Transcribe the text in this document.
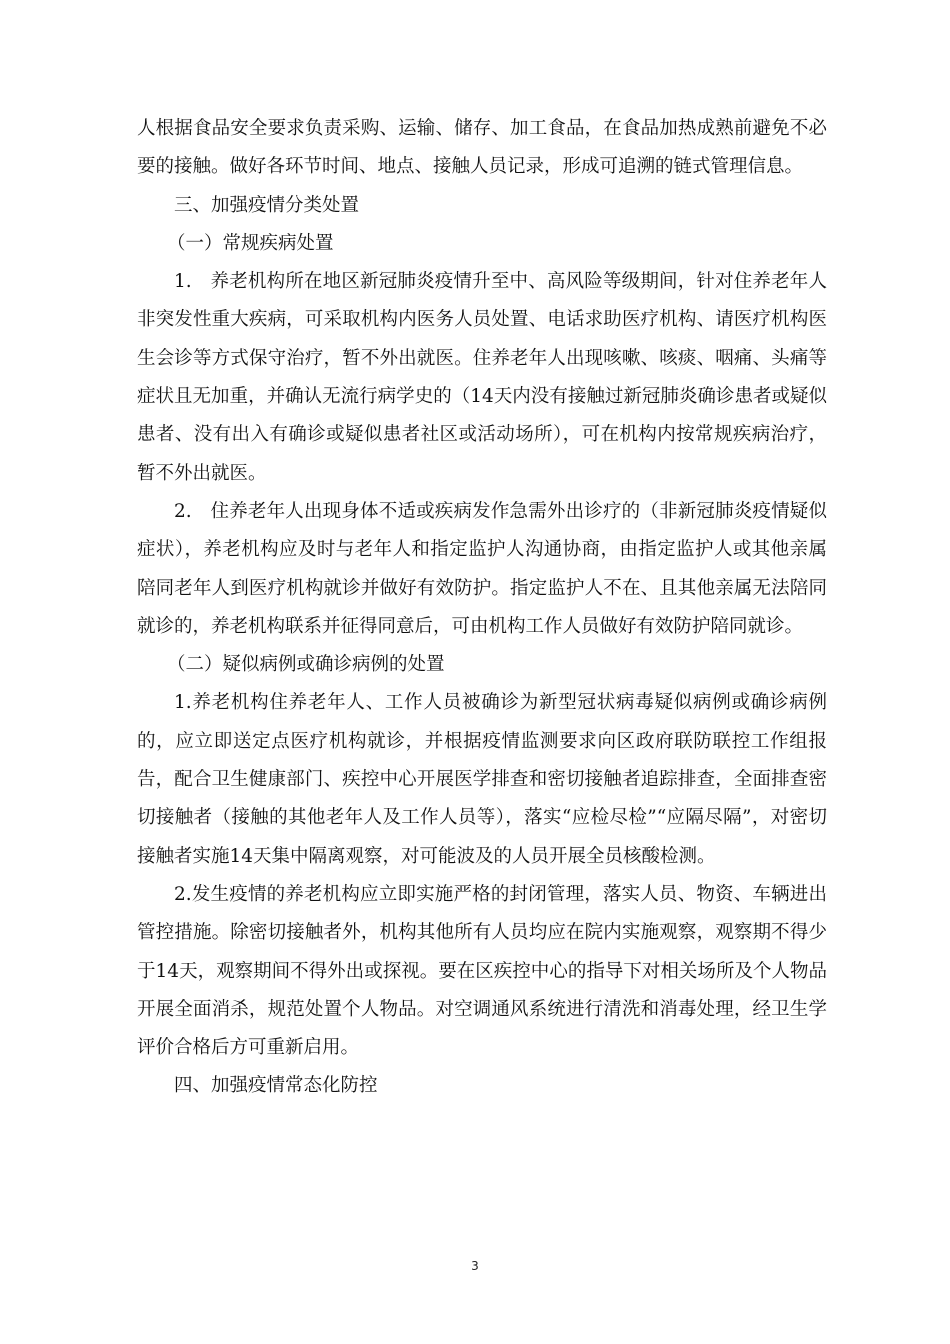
人根据食品安全要求负责采购、运输、储存、加工食品，在食品加热成熟前避免不必要的接触。做好各环节时间、地点、接触人员记录，形成可追溯的链式管理信息。

三、加强疫情分类处置

（一）常规疾病处置

1.　养老机构所在地区新冠肺炎疫情升至中、高风险等级期间，针对住养老年人非突发性重大疾病，可采取机构内医务人员处置、电话求助医疗机构、请医疗机构医生会诊等方式保守治疗，暂不外出就医。住养老年人出现咳嗽、咳痰、咽痛、头痛等症状且无加重，并确认无流行病学史的（14天内没有接触过新冠肺炎确诊患者或疑似患者、没有出入有确诊或疑似患者社区或活动场所），可在机构内按常规疾病治疗，暂不外出就医。

2.　住养老年人出现身体不适或疾病发作急需外出诊疗的（非新冠肺炎疫情疑似症状），养老机构应及时与老年人和指定监护人沟通协商，由指定监护人或其他亲属陪同老年人到医疗机构就诊并做好有效防护。指定监护人不在、且其他亲属无法陪同就诊的，养老机构联系并征得同意后，可由机构工作人员做好有效防护陪同就诊。

（二）疑似病例或确诊病例的处置

1.养老机构住养老年人、工作人员被确诊为新型冠状病毒疑似病例或确诊病例的，应立即送定点医疗机构就诊，并根据疫情监测要求向区政府联防联控工作组报告，配合卫生健康部门、疾控中心开展医学排查和密切接触者追踪排查，全面排查密切接触者（接触的其他老年人及工作人员等），落实“应检尽检”“应隔尽隔”，对密切接触者实施14天集中隔离观察，对可能波及的人员开展全员核酸检测。

2.发生疫情的养老机构应立即实施严格的封闭管理，落实人员、物资、车辆进出管控措施。除密切接触者外，机构其他所有人员均应在院内实施观察，观察期不得少于14天，观察期间不得外出或探视。要在区疾控中心的指导下对相关场所及个人物品开展全面消杀，规范处置个人物品。对空调通风系统进行清洗和消毒处理，经卫生学评价合格后方可重新启用。

四、加强疫情常态化防控

3
